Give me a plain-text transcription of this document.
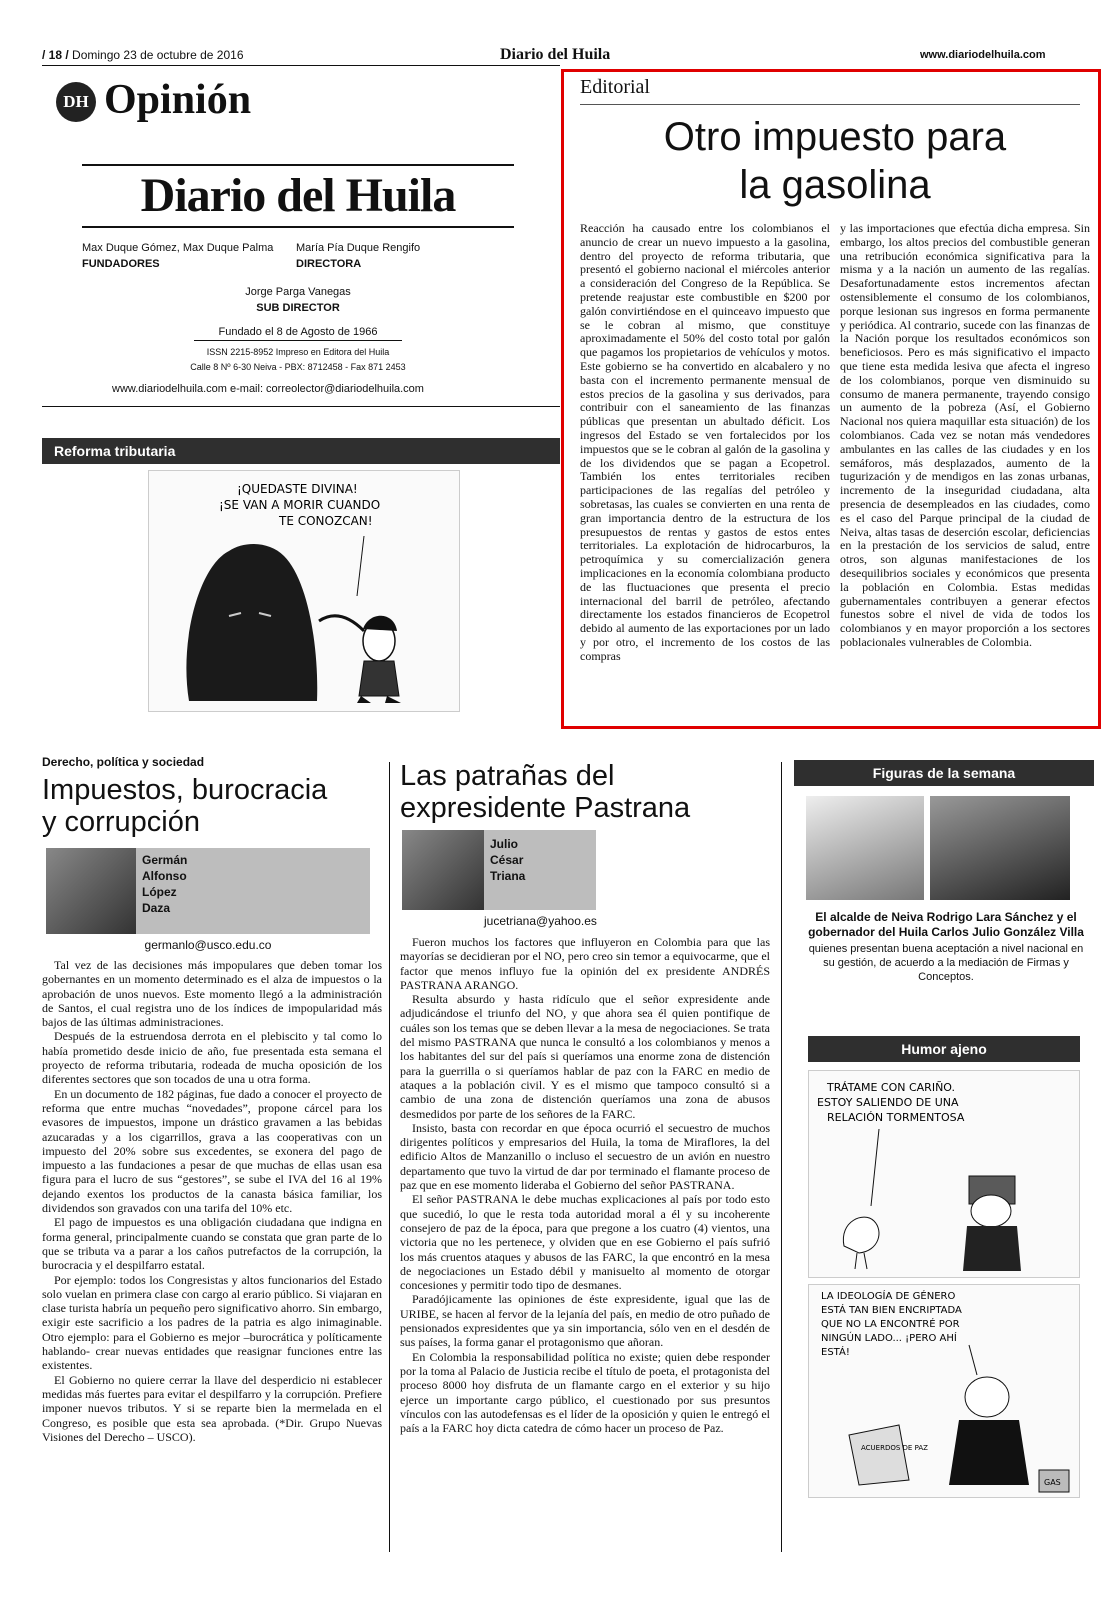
/ 18 / Domingo 23 de octubre de 2016	Diario del Huila	www.diariodelhuila.com
DH Opinión
Diario del Huila
Max Duque Gómez, Max Duque Palma
FUNDADORES
María Pía Duque Rengifo
DIRECTORA
Jorge Parga Vanegas
SUB DIRECTOR
Fundado el 8 de Agosto de 1966
ISSN 2215-8952 Impreso en Editora del Huila
Calle 8 Nº 6-30 Neiva - PBX: 8712458 - Fax 871 2453
www.diariodelhuila.com e-mail: correolector@diariodelhuila.com
Reforma tributaria
¡QUEDASTE DIVINA!
¡SE VAN A MORIR CUANDO
TE CONOZCAN!
Editorial
Otro impuesto para
la gasolina
Reacción ha causado entre los colombianos el anuncio de crear un nuevo impuesto a la gasolina, dentro del proyecto de reforma tributaria, que presentó el gobierno nacional el miércoles anterior a consideración del Congreso de la República. Se pretende reajustar este combustible en $200 por galón convirtiéndose en el quinceavo impuesto que se le cobran al mismo, que constituye aproximadamente el 50% del costo total por galón que pagamos los propietarios de vehículos y motos. Este gobierno se ha convertido en alcabalero y no basta con el incremento permanente mensual de estos precios de la gasolina y sus derivados, para contribuir con el saneamiento de las finanzas públicas que presentan un abultado déficit. Los ingresos del Estado se ven fortalecidos por los impuestos que se le cobran al galón de la gasolina y de los dividendos que se pagan a Ecopetrol. También los entes territoriales reciben participaciones de las regalías del petróleo y sobretasas, las cuales se convierten en una renta de gran importancia dentro de la estructura de los presupuestos de rentas y gastos de estos entes territoriales. La explotación de hidrocarburos, la petroquímica y su comercialización genera implicaciones en la economía colombiana producto de las fluctuaciones que presenta el precio internacional del barril de petróleo, afectando directamente los estados financieros de Ecopetrol debido al aumento de las exportaciones por un lado y por otro, el incremento de los costos de las compras
y las importaciones que efectúa dicha empresa. Sin embargo, los altos precios del combustible generan una retribución económica significativa para la misma y a la nación un aumento de las regalías. Desafortunadamente estos incrementos afectan ostensiblemente el consumo de los colombianos, porque lesionan sus ingresos en forma permanente y periódica. Al contrario, sucede con las finanzas de la Nación porque los resultados económicos son beneficiosos. Pero es más significativo el impacto que tiene esta medida lesiva que afecta el ingreso de los colombianos, porque ven disminuido su consumo de manera permanente, trayendo consigo un aumento de la pobreza (Así, el Gobierno Nacional nos quiera maquillar esta situación) de los colombianos. Cada vez se notan más vendedores ambulantes en las calles de las ciudades y en los semáforos, más desplazados, aumento de la tugurización y de mendigos en las zonas urbanas, incremento de la inseguridad ciudadana, alta presencia de desempleados en las ciudades, como es el caso del Parque principal de la ciudad de Neiva, altas tasas de deserción escolar, deficiencias en la prestación de los servicios de salud, entre otros, son algunas manifestaciones de los desequilibrios sociales y económicos que presenta la población en Colombia. Estas medidas gubernamentales contribuyen a generar efectos funestos sobre el nivel de vida de todos los colombianos y en mayor proporción a los sectores poblacionales vulnerables de Colombia.
Derecho, política y sociedad
Impuestos, burocracia
y corrupción
Germán
Alfonso
López
Daza
germanlo@usco.edu.co

Tal vez de las decisiones más impopulares que deben tomar los gobernantes en un momento determinado es el alza de impuestos o la aprobación de unos nuevos. Este momento llegó a la administración de Santos, el cual registra uno de los índices de impopularidad más bajos de las últimas administraciones.

Después de la estruendosa derrota en el plebiscito y tal como lo había prometido desde inicio de año, fue presentada esta semana el proyecto de reforma tributaria, rodeada de mucha oposición de los diferentes sectores que son tocados de una u otra forma.

En un documento de 182 páginas, fue dado a conocer el proyecto de reforma que entre muchas “novedades”, propone cárcel para los evasores de impuestos, impone un drástico gravamen a las bebidas azucaradas y a los cigarrillos, grava a las cooperativas con un impuesto del 20% sobre sus excedentes, se exonera del pago de impuesto a las fundaciones a pesar de que muchas de ellas usan esa figura para el lucro de sus “gestores”, se sube el IVA del 16 al 19% dejando exentos los productos de la canasta básica familiar, los dividendos son gravados con una tarifa del 10% etc.

El pago de impuestos es una obligación ciudadana que indigna en forma general, principalmente cuando se constata que gran parte de lo que se tributa va a parar a los caños putrefactos de la corrupción, la burocracia y el despilfarro estatal.

Por ejemplo: todos los Congresistas y altos funcionarios del Estado solo vuelan en primera clase con cargo al erario público. Si viajaran en clase turista habría un pequeño pero significativo ahorro. Sin embargo, exigir este sacrificio a los padres de la patria es algo inimaginable. Otro ejemplo: para el Gobierno es mejor –burocrática y políticamente hablando- crear nuevas entidades que reasignar funciones entre las existentes.

El Gobierno no quiere cerrar la llave del desperdicio ni establecer medidas más fuertes para evitar el despilfarro y la corrupción. Prefiere imponer nuevos tributos. Y si se reparte bien la mermelada en el Congreso, es posible que esta sea aprobada. (*Dir. Grupo Nuevas Visiones del Derecho – USCO).

Las patrañas del
expresidente Pastrana
Julio
César
Triana
jucetriana@yahoo.es

Fueron muchos los factores que influyeron en Colombia para que las mayorías se decidieran por el NO, pero creo sin temor a equivocarme, que el factor que menos influyo fue la opinión del ex presidente ANDRÉS PASTRANA ARANGO.

Resulta absurdo y hasta ridículo que el señor expresidente ande adjudicándose el triunfo del NO, y que ahora sea él quien pontifique de cuáles son los temas que se deben llevar a la mesa de negociaciones. Se trata del mismo PASTRANA que nunca le consultó a los colombianos y menos a los habitantes del sur del país si queríamos una enorme zona de distención para la guerrilla o si queríamos hablar de paz con la FARC en medio de ataques a la población civil. Y es el mismo que tampoco consultó si a cambio de una zona de distención queríamos una zona de abusos desmedidos por parte de los señores de la FARC.

Insisto, basta con recordar en que época ocurrió el secuestro de muchos dirigentes políticos y empresarios del Huila, la toma de Miraflores, la del edificio Altos de Manzanillo o incluso el secuestro de un avión en nuestro departamento que tuvo la virtud de dar por terminado el flamante proceso de paz que en ese momento lideraba el Gobierno del señor PASTRANA.

El señor PASTRANA le debe muchas explicaciones al país por todo esto que sucedió, lo que le resta toda autoridad moral a él y su incoherente consejero de paz de la época, para que pregone a los cuatro (4) vientos, una victoria que no les pertenece, y olviden que en ese Gobierno el país sufrió los más cruentos ataques y abusos de las FARC, la que encontró en la mesa de negociaciones un Estado débil y manisuelto al momento de otorgar concesiones y permitir todo tipo de desmanes.

Paradójicamente las opiniones de éste expresidente, igual que las de URIBE, se hacen al fervor de la lejanía del país, en medio de otro puñado de pensionados expresidentes que ya sin importancia, sólo ven en el desdén de sus países, la forma ganar el protagonismo que añoran.

En Colombia la responsabilidad política no existe; quien debe responder por la toma al Palacio de Justicia recibe el título de poeta, el protagonista del proceso 8000 hoy disfruta de un flamante cargo en el exterior y su hijo ejerce un importante cargo público, el cuestionado por sus presuntos vínculos con las autodefensas es el líder de la oposición y quien le entregó el país a la FARC hoy dicta catedra de cómo hacer un proceso de Paz.

Figuras de la semana
El alcalde de Neiva Rodrigo Lara Sánchez y el gobernador del Huila Carlos Julio González Villa
quienes presentan buena aceptación a nivel nacional en su gestión, de acuerdo a la mediación de Firmas y Conceptos.
Humor ajeno
TRÁTAME CON CARIÑO.
ESTOY SALIENDO DE UNA
RELACIÓN TORMENTOSA
LA IDEOLOGÍA DE GÉNERO
ESTÁ TAN BIEN ENCRIPTADA
QUE NO LA ENCONTRÉ POR
NINGÚN LADO... ¡PERO AHÍ
ESTÁ!
ACUERDOS DE PAZ
GAS
